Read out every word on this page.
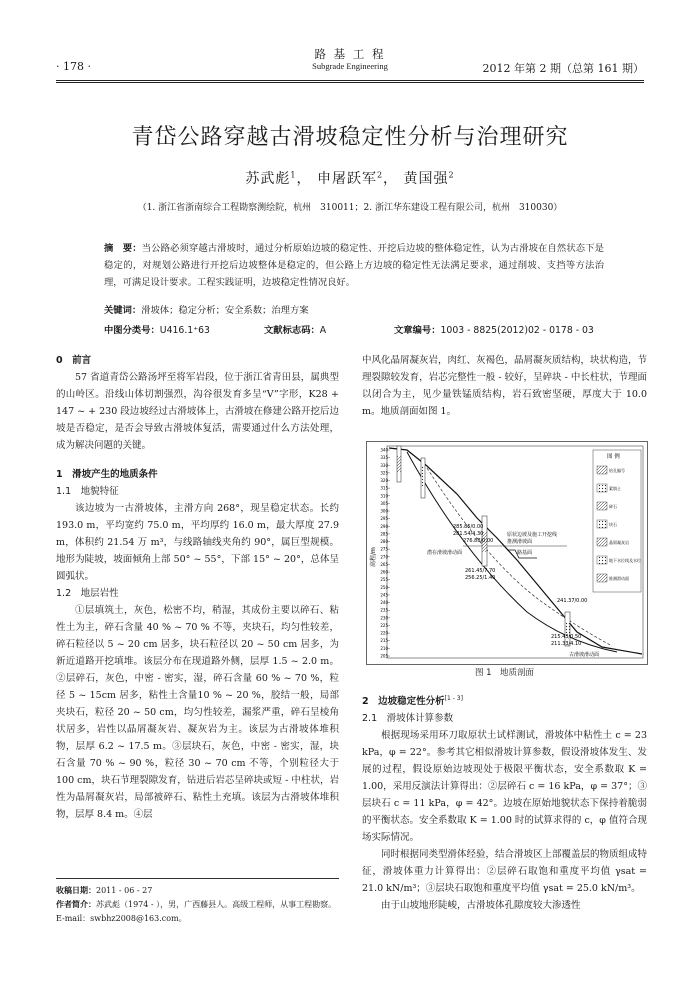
· 178 ·
路 基 工 程
Subgrade Engineering	2012 年第 2 期（总第 161 期）
青岱公路穿越古滑坡稳定性分析与治理研究
苏武彪$^1$， 申屠跃军$^2$， 黄国强$^2$
（1. 浙江省浙南综合工程勘察测绘院，杭州　310011；2. 浙江华东建设工程有限公司，杭州　310030）
摘　要：当公路必须穿越古滑坡时，通过分析原始边坡的稳定性、开挖后边坡的整体稳定性，认为古滑坡在自然状态下是稳定的，对规划公路进行开挖后边坡整体是稳定的，但公路上方边坡的稳定性无法满足要求，通过削坡、支挡等方法治理，可满足设计要求。工程实践证明，边坡稳定性情况良好。
关键词：滑坡体；稳定分析；安全系数；治理方案
中图分类号：U416.1⁺63	文献标志码：A	文章编号：1003 - 8825(2012)02 - 0178 - 03

0　前言

57 省道青岱公路汤坪至将军岩段，位于浙江省青田县，属典型的山岭区。沿线山体切割强烈，沟谷很发育多呈“V”字形，K28 + 147 ~ + 230 段边坡经过古滑坡体上，古滑坡在修建公路开挖后边坡是否稳定，是否会导致古滑坡体复活，需要通过什么方法处理，成为解决问题的关键。

1　滑坡产生的地质条件

1.1　地貌特征

该边坡为一古滑坡体，主滑方向 268°，现呈稳定状态。长约 193.0 m，平均宽约 75.0 m，平均厚约 16.0 m，最大厚度 27.9 m，体积约 21.54 万 m³，与线路轴线夹角约 90°，属巨型规模。地形为陡坡，坡面倾角上部 50° ~ 55°，下部 15° ~ 20°，总体呈圆弧状。

1.2　地层岩性

①层填筑土，灰色，松密不均，稍湿，其成份主要以碎石、粘性土为主，碎石含量 40 % ~ 70 % 不等，夹块石，均匀性较差，碎石粒径以 5 ~ 20 cm 居多，块石粒径以 20 ~ 50 cm 居多，为新近道路开挖填堆。该层分布在现道路外侧，层厚 1.5 ~ 2.0 m。②层碎石，灰色，中密 - 密实，湿，碎石含量 60 % ~ 70 %，粒径 5 ~ 15cm 居多，粘性土含量10 % ~ 20 %，胶结一般，局部夹块石，粒径 20 ~ 50 cm，均匀性较差，漏浆严重，碎石呈棱角状居多，岩性以晶屑凝灰岩、凝灰岩为主。该层为古滑坡体堆积物，层厚 6.2 ~ 17.5 m。③层块石，灰色，中密 - 密实，湿，块石含量 70 % ~ 90 %，粒径 30 ~ 70 cm 不等，个别粒径大于 100 cm，块石节理裂隙发育，钻进后岩芯呈碎块或短 - 中柱状，岩性为晶屑凝灰岩，局部被碎石、粘性土充填。该层为古滑坡体堆积物，层厚 8.4 m。④层

中风化晶屑凝灰岩，肉红、灰褐色，晶屑凝灰质结构，块状构造，节理裂隙较发育，岩芯完整性一般 - 较好，呈碎块 - 中长柱状，节理面以闭合为主，见少量铁锰质结构，岩石致密坚硬，厚度大于 10.0 m。地质剖面如图 1。

高程/m
340
335
330
325
320
315
310
305
300
295
290
285
280
275
270
265
260
255
250
245
240
235
230
225
220
215
210
205
285.85/0.00
281.54/4.30
276.88/0.00
261.45/7.70
256.25/1.40
241.37/0.00
215.43/0.50
211.33/4.10
原状边坡及施工开挖线
推测滑坡面
路基面
古滑坡滑动面
潜在滑坡滑动面
图 例
钻孔编号
素填土
碎石
块石
晶屑凝灰岩
地下水位线及水位
推测滑动面
图 1　地质剖面

2　边坡稳定性分析[1 - 3]

2.1　滑坡体计算参数

根据现场采用环刀取原状土试样测试，滑坡体中粘性土 c = 23 kPa，φ = 22°。参考其它相似滑坡计算参数，假设滑坡体发生、发展的过程，假设原始边坡现处于极限平衡状态，安全系数取 K = 1.00，采用反演法计算得出：②层碎石 c = 16 kPa，φ = 37°；③层块石 c = 11 kPa，φ = 42°。边坡在原始地貌状态下保持着脆弱的平衡状态。安全系数取 K = 1.00 时的试算求得的 c，φ 值符合现场实际情况。

同时根据同类型滑体经验，结合滑坡区上部覆盖层的物质组成特征，滑坡体重力计算得出：②层碎石取饱和重度平均值 γsat = 21.0 kN/m³；③层块石取饱和重度平均值 γsat = 25.0 kN/m³。

由于山坡地形陡峻，古滑坡体孔隙度较大渗透性

收稿日期：2011 - 06 - 27
作者简介：苏武彪（1974 - ），男，广西藤县人。高级工程师，从事工程勘察。E-mail：swbhz2008@163.com。
